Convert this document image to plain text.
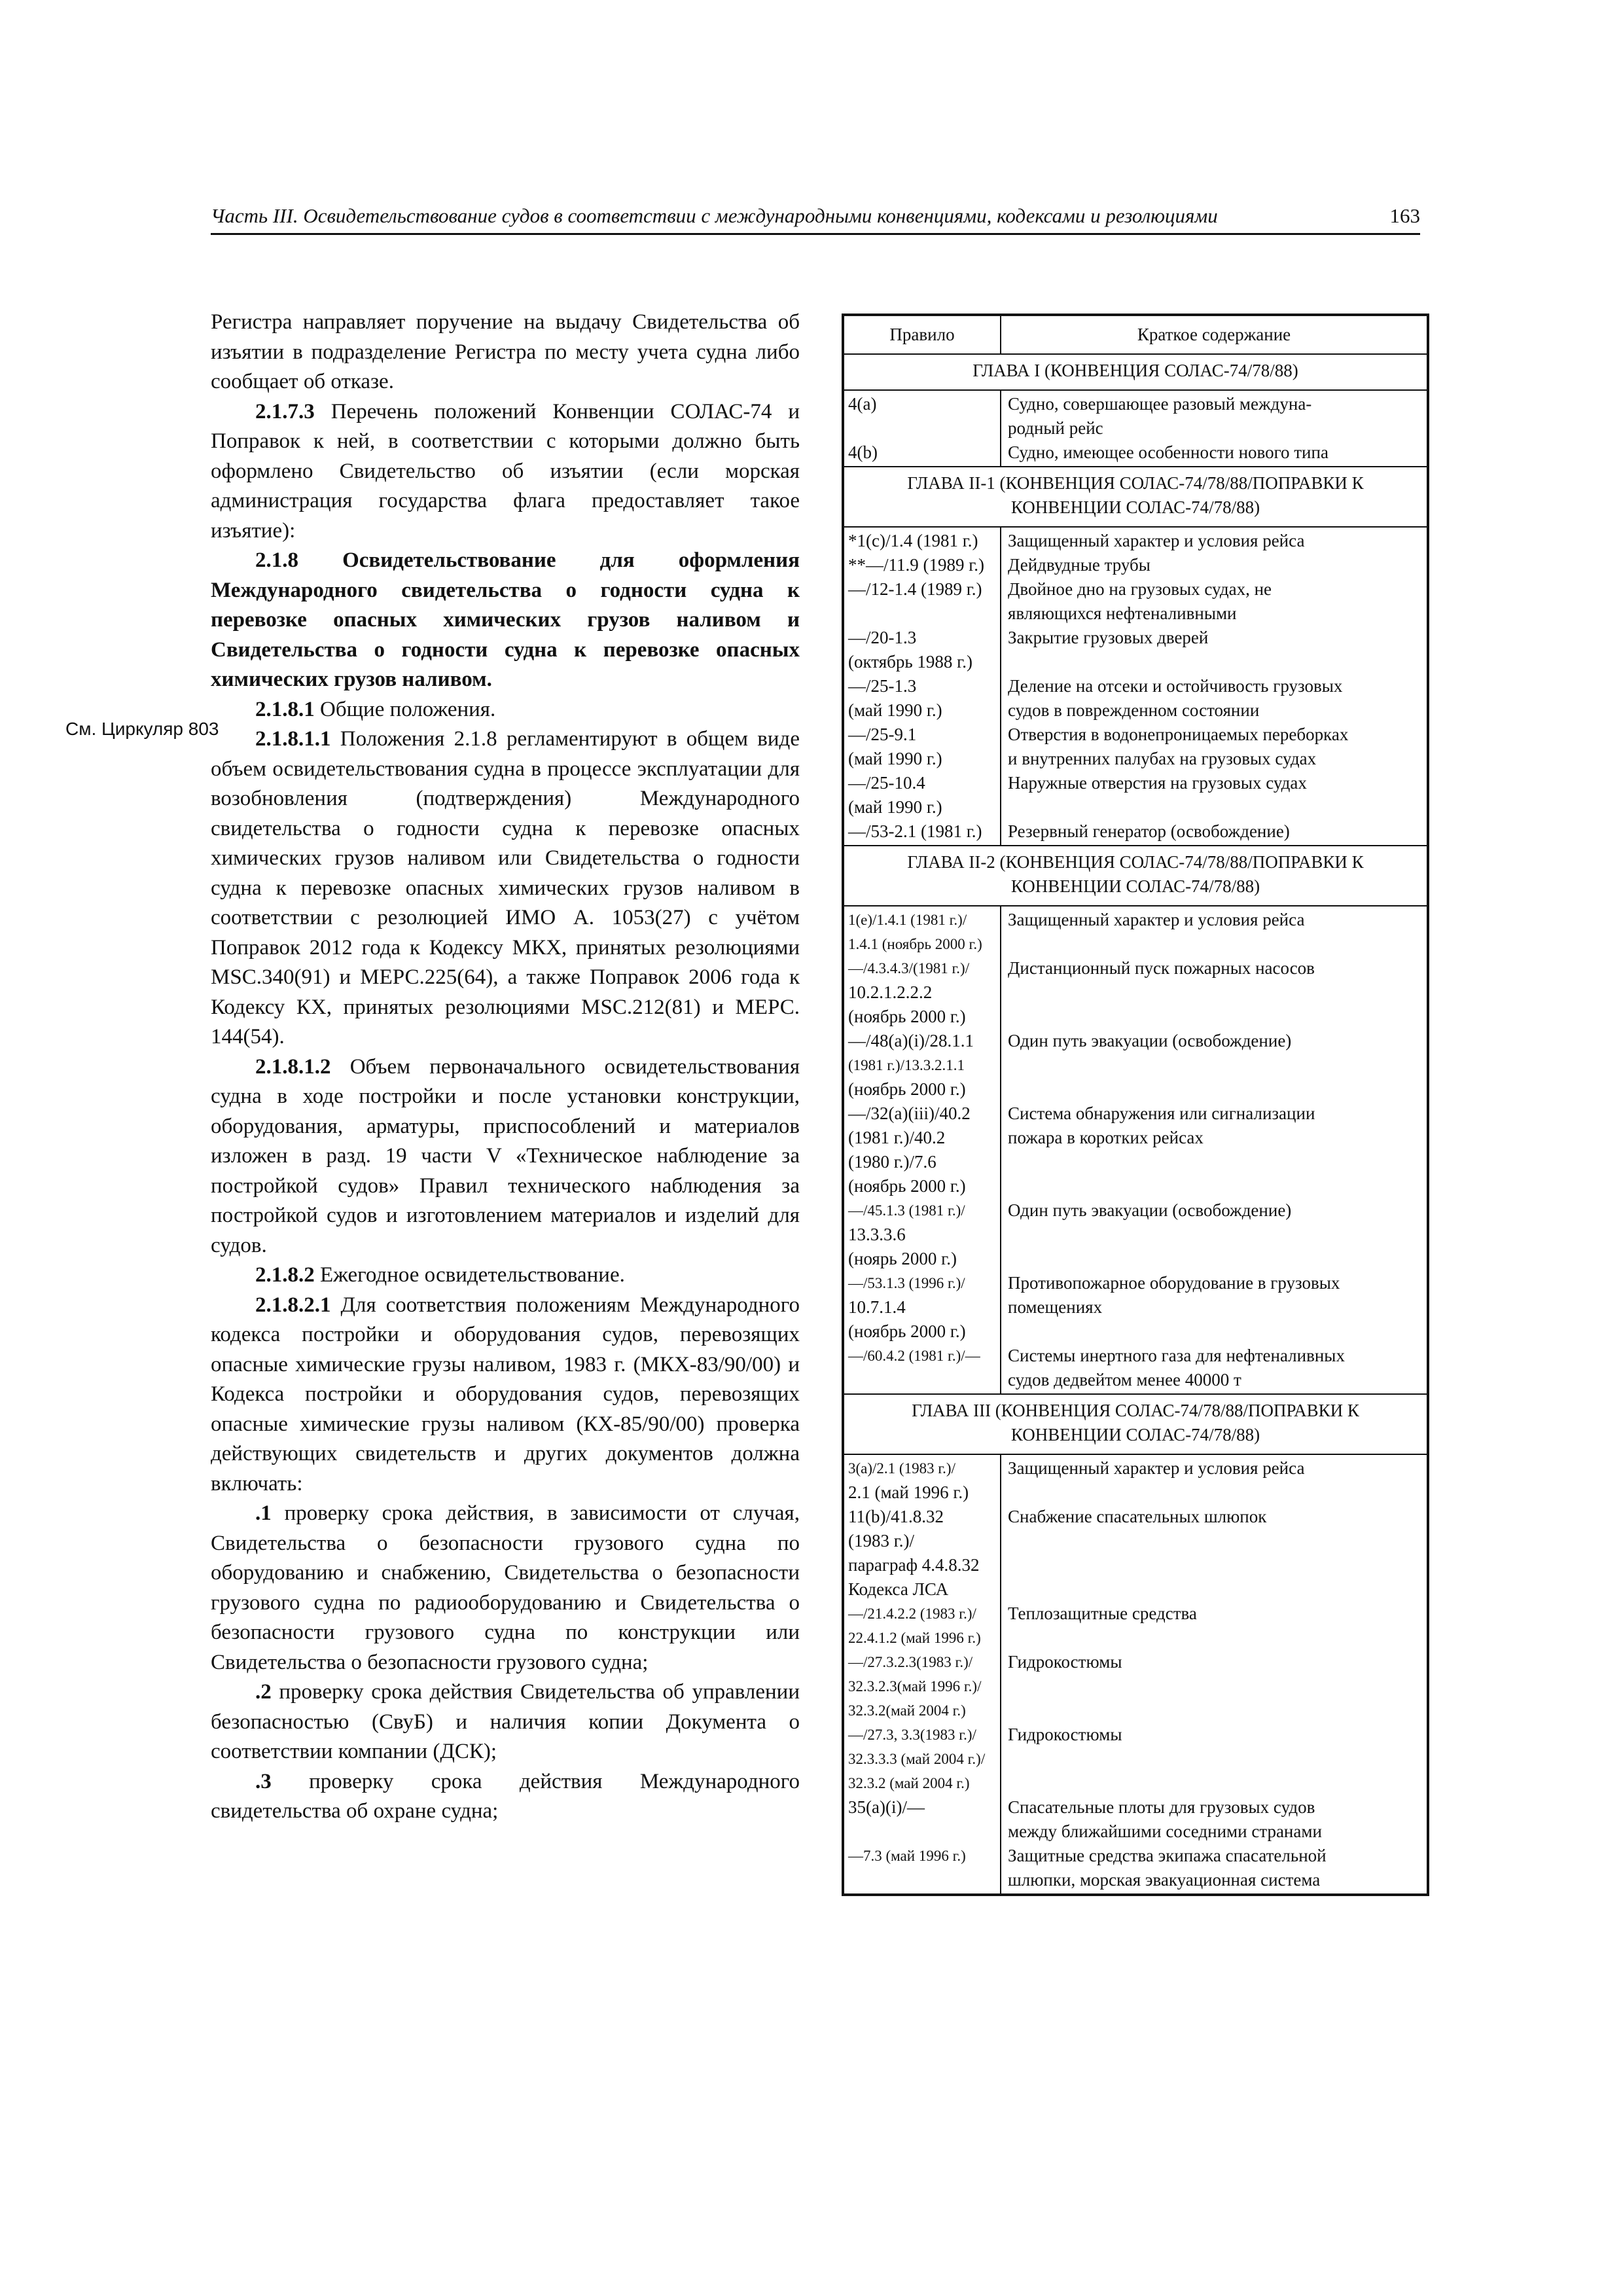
Часть III. Освидетельствование судов в соответствии с международными конвенциями, кодексами и резолюциями	163
См. Циркуляр 803

Регистра направляет поручение на выдачу Свидетельства об изъятии в подразделение Регистра по месту учета судна либо сообщает об отказе.

2.1.7.3 Перечень положений Конвенции СОЛАС-74 и Поправок к ней, в соответствии с которыми должно быть оформлено Свидетельство об изъятии (если морская администрация государства флага предоставляет такое изъятие):

2.1.8 Освидетельствование для оформления Международного свидетельства о годности судна к перевозке опасных химических грузов наливом и Свидетельства о годности судна к перевозке опасных химических грузов наливом.

2.1.8.1 Общие положения.

2.1.8.1.1 Положения 2.1.8 регламентируют в общем виде объем освидетельствования судна в процессе эксплуатации для возобновления (подтверждения) Международного свидетельства о годности судна к перевозке опасных химических грузов наливом или Свидетельства о годности судна к перевозке опасных химических грузов наливом в соответствии с резолюцией ИМО А. 1053(27) с учётом Поправок 2012 года к Кодексу МКХ, принятых резолюциями MSC.340(91) и МЕРС.225(64), а также Поправок 2006 года к Кодексу КХ, принятых резолюциями MSC.212(81) и МЕРС. 144(54).

2.1.8.1.2 Объем первоначального освидетельствования судна в ходе постройки и после установки конструкции, оборудования, арматуры, приспособлений и материалов изложен в разд. 19 части V «Техническое наблюдение за постройкой судов» Правил технического наблюдения за постройкой судов и изготовлением материалов и изделий для судов.

2.1.8.2 Ежегодное освидетельствование.

2.1.8.2.1 Для соответствия положениям Международного кодекса постройки и оборудования судов, перевозящих опасные химические грузы наливом, 1983 г. (МКХ-83/90/00) и Кодекса постройки и оборудования судов, перевозящих опасные химические грузы наливом (КХ-85/90/00) проверка действующих свидетельств и других документов должна включать:

.1 проверку срока действия, в зависимости от случая, Свидетельства о безопасности грузового судна по оборудованию и снабжению, Свидетельства о безопасности грузового судна по радиооборудованию и Свидетельства о безопасности грузового судна по конструкции или Свидетельства о безопасности грузового судна;

.2 проверку срока действия Свидетельства об управлении безопасностью (СвуБ) и наличия копии Документа о соответствии компании (ДСК);

.3 проверку срока действия Международного свидетельства об охране судна;

Правило	Краткое содержание
ГЛАВА I (КОНВЕНЦИЯ СОЛАС-74/78/88)
4(a)
4(b)
Судно, совершающее разовый междуна-
родный рейс
Судно, имеющее особенности нового типа
ГЛАВА II-1 (КОНВЕНЦИЯ СОЛАС-74/78/88/ПОПРАВКИ К КОНВЕНЦИИ СОЛАС-74/78/88)
*1(c)/1.4 (1981 г.)
**—/11.9 (1989 г.)
—/12-1.4 (1989 г.)
—/20-1.3
(октябрь 1988 г.)
—/25-1.3
(май 1990 г.)
—/25-9.1
(май 1990 г.)
—/25-10.4
(май 1990 г.)
—/53-2.1 (1981 г.)
Защищенный характер и условия рейса
Дейдвудные трубы
Двойное дно на грузовых судах, не
являющихся нефтеналивными
Закрытие грузовых дверей
Деление на отсеки и остойчивость грузовых
судов в поврежденном состоянии
Отверстия в водонепроницаемых переборках
и внутренних палубах на грузовых судах
Наружные отверстия на грузовых судах
Резервный генератор (освобождение)
ГЛАВА II-2 (КОНВЕНЦИЯ СОЛАС-74/78/88/ПОПРАВКИ К КОНВЕНЦИИ СОЛАС-74/78/88)
1(e)/1.4.1 (1981 г.)/
1.4.1 (ноябрь 2000 г.)
—/4.3.4.3/(1981 г.)/
10.2.1.2.2.2
(ноябрь 2000 г.)
—/48(a)(i)/28.1.1
(1981 г.)/13.3.2.1.1
(ноябрь 2000 г.)
—/32(a)(iii)/40.2
(1981 г.)/40.2
(1980 г.)/7.6
(ноябрь 2000 г.)
—/45.1.3 (1981 г.)/
13.3.3.6
(ноярь 2000 г.)
—/53.1.3 (1996 г.)/
10.7.1.4
(ноябрь 2000 г.)
—/60.4.2 (1981 г.)/—
Защищенный характер и условия рейса
Дистанционный пуск пожарных насосов
Один путь эвакуации (освобождение)
Система обнаружения или сигнализации
пожара в коротких рейсах
Один путь эвакуации (освобождение)
Противопожарное оборудование в грузовых
помещениях
Системы инертного газа для нефтеналивных
судов дедвейтом менее 40000 т
ГЛАВА III (КОНВЕНЦИЯ СОЛАС-74/78/88/ПОПРАВКИ К КОНВЕНЦИИ СОЛАС-74/78/88)
3(a)/2.1 (1983 г.)/
2.1 (май 1996 г.)
11(b)/41.8.32
(1983 г.)/
параграф 4.4.8.32
Кодекса ЛСА
—/21.4.2.2 (1983 г.)/
22.4.1.2 (май 1996 г.)
—/27.3.2.3(1983 г.)/
32.3.2.3(май 1996 г.)/
32.3.2(май 2004 г.)
—/27.3, 3.3(1983 г.)/
32.3.3.3 (май 2004 г.)/
32.3.2 (май 2004 г.)
35(a)(i)/—
—7.3 (май 1996 г.)
Защищенный характер и условия рейса
Снабжение спасательных шлюпок
Теплозащитные средства
Гидрокостюмы
Гидрокостюмы
Спасательные плоты для грузовых судов
между ближайшими соседними странами
Защитные средства экипажа спасательной
шлюпки, морская эвакуационная система
